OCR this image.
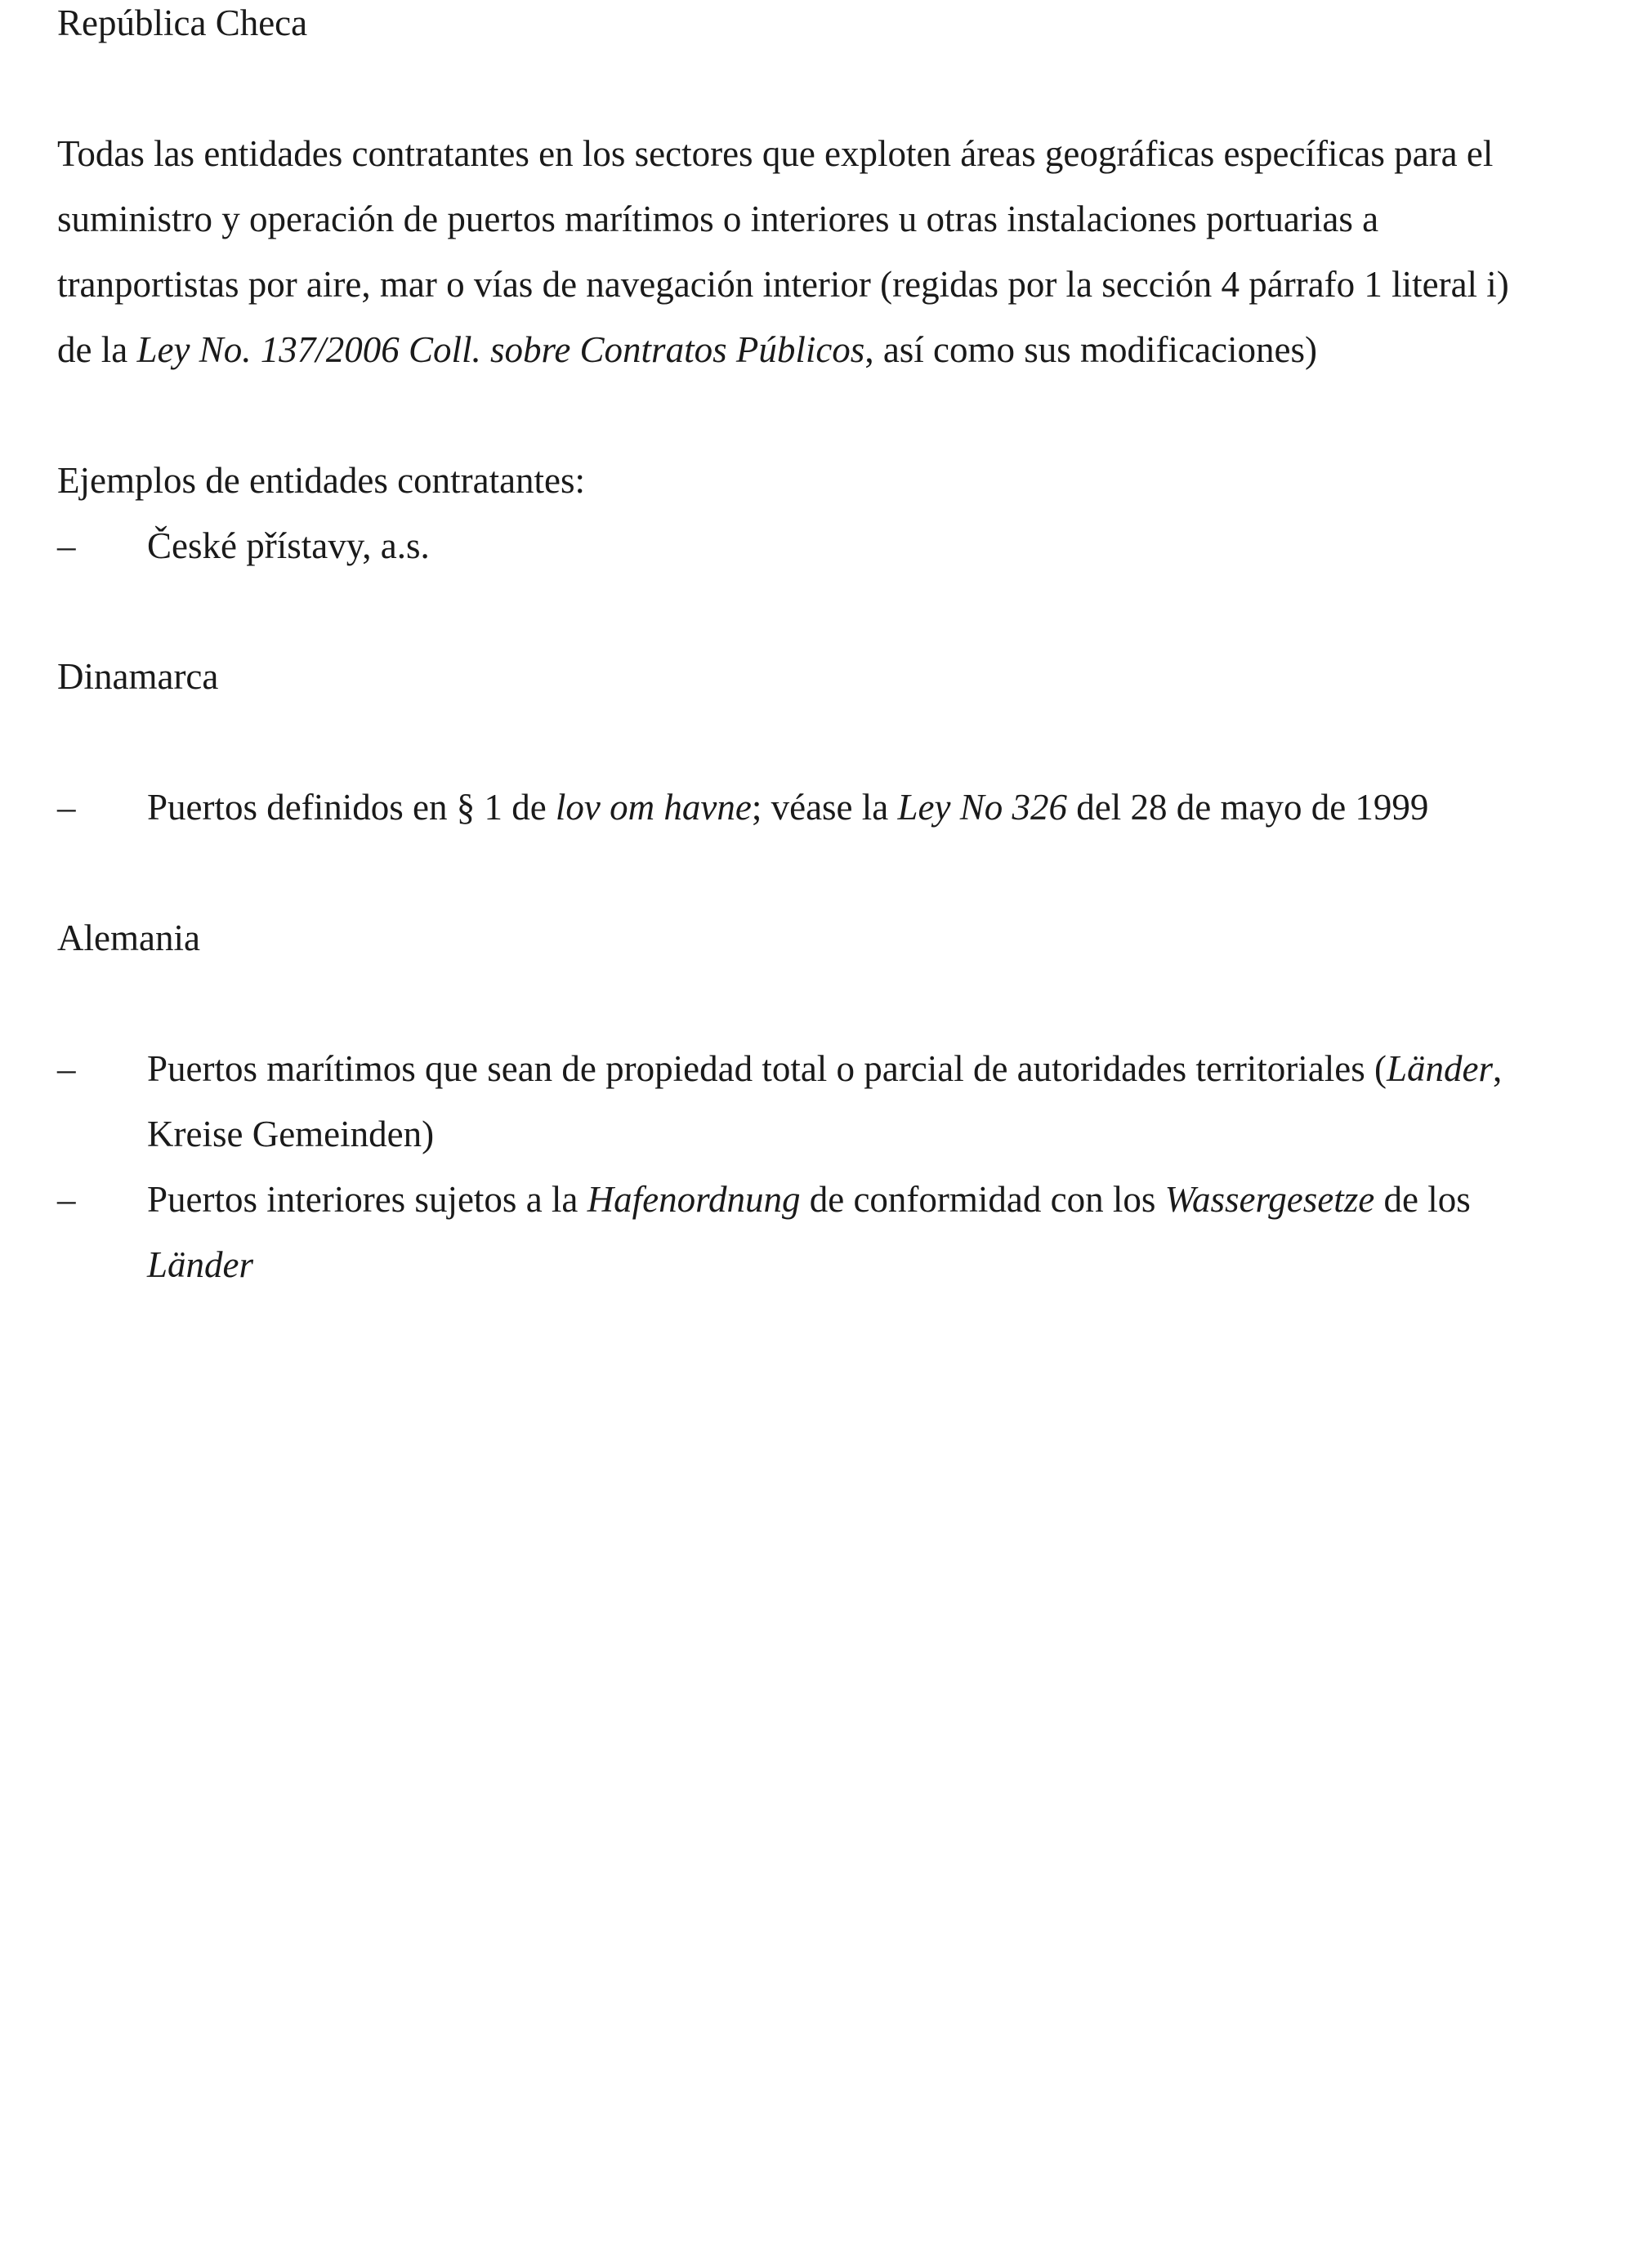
República Checa
Todas las entidades contratantes en los sectores que exploten áreas geográficas específicas para el
suministro y operación de puertos marítimos o interiores u otras instalaciones portuarias a
tranportistas por aire, mar o vías de navegación interior (regidas por la sección 4 párrafo 1 literal i)
de la Ley No. 137/2006 Coll. sobre Contratos Públicos, así como sus modificaciones)
Ejemplos de entidades contratantes:
–	České přístavy, a.s.
Dinamarca
–	Puertos definidos en § 1 de lov om havne; véase la Ley No 326 del 28 de mayo de 1999
Alemania
–	Puertos marítimos que sean de propiedad total o parcial de autoridades territoriales (Länder,
Kreise Gemeinden)
–	Puertos interiores sujetos a la Hafenordnung de conformidad con los Wassergesetze de los
Länder
